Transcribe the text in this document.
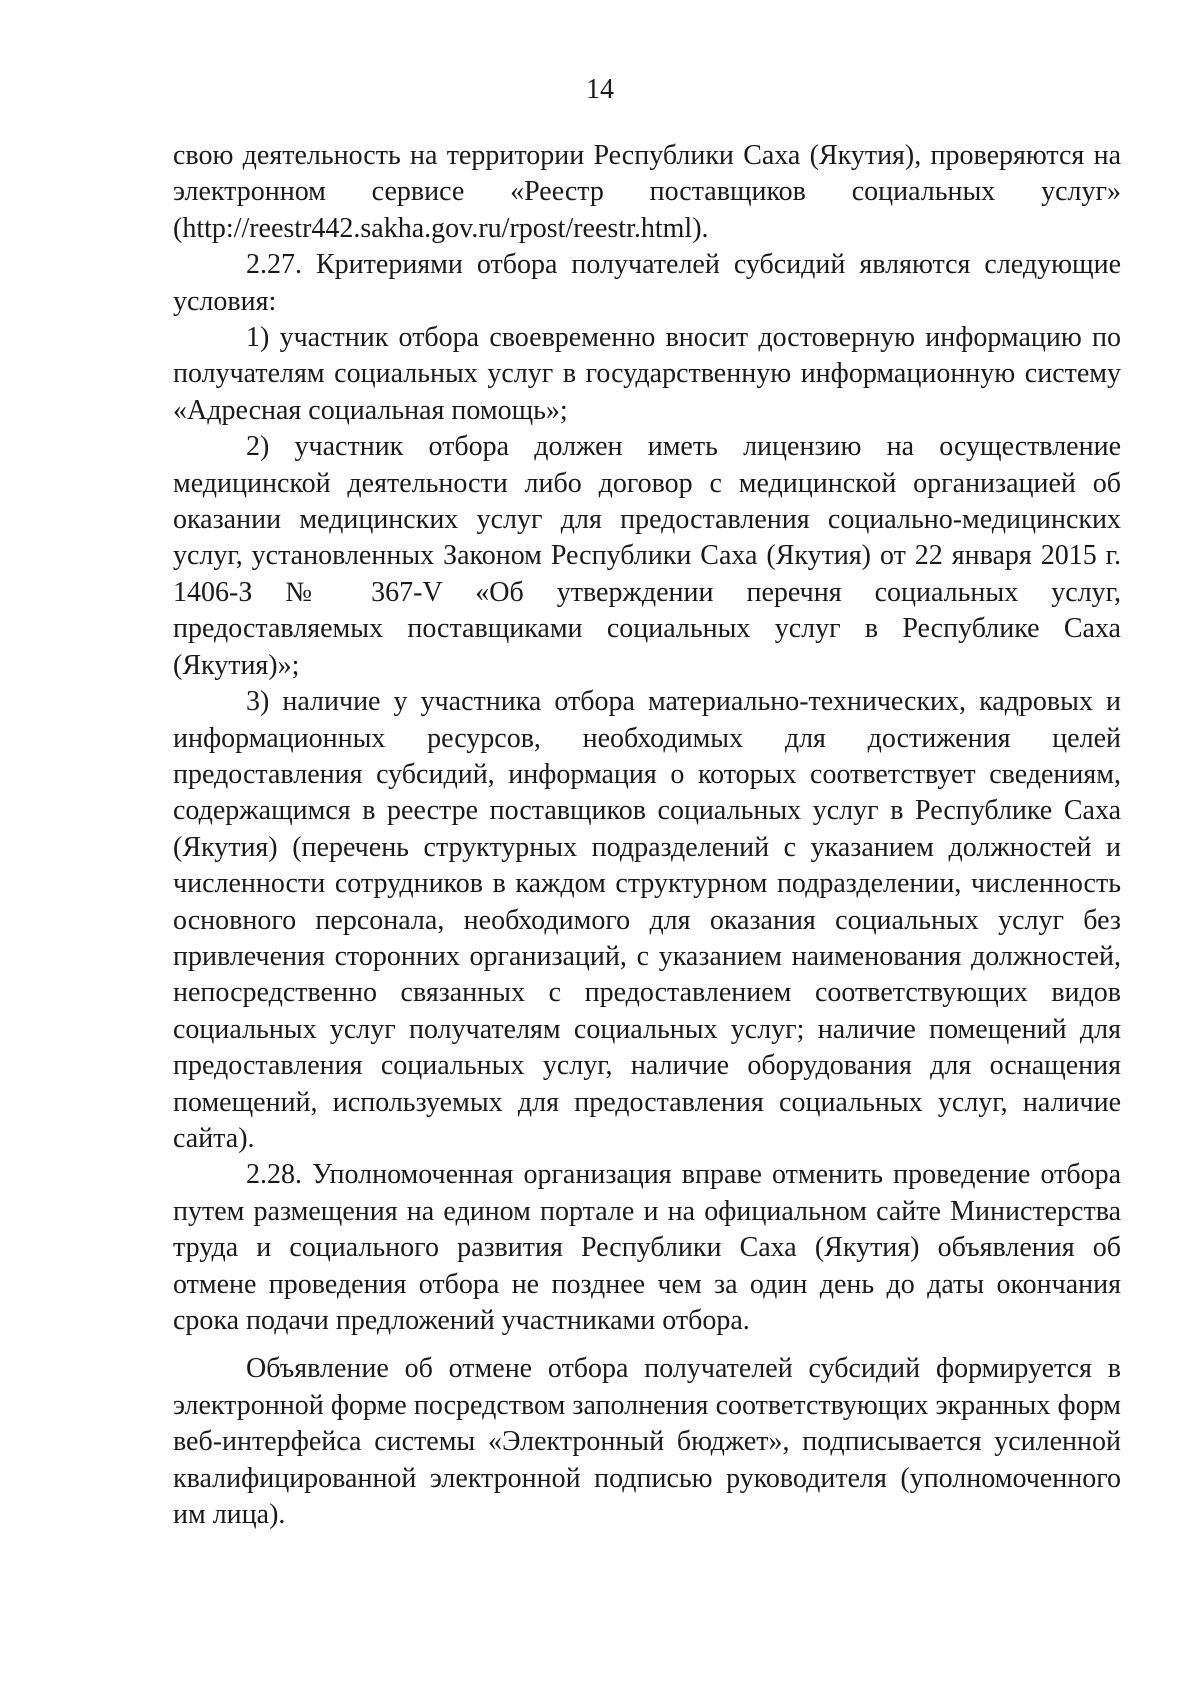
14

свою деятельность на территории Республики Саха (Якутия), проверяются на электронном сервисе «Реестр поставщиков социальных услуг» (http://reestr442.sakha.gov.ru/rpost/reestr.html).

2.27. Критериями отбора получателей субсидий являются следующие условия:

1) участник отбора своевременно вносит достоверную информацию по получателям социальных услуг в государственную информационную систему «Адресная социальная помощь»;

2) участник отбора должен иметь лицензию на осуществление медицинской деятельности либо договор с медицинской организацией об оказании медицинских услуг для предоставления социально-медицинских услуг, установленных Законом Республики Саха (Якутия) от 22 января 2015 г. 1406-З № 367-V «Об утверждении перечня социальных услуг, предоставляемых поставщиками социальных услуг в Республике Саха (Якутия)»;

3) наличие у участника отбора материально-технических, кадровых и информационных ресурсов, необходимых для достижения целей предоставления субсидий, информация о которых соответствует сведениям, содержащимся в реестре поставщиков социальных услуг в Республике Саха (Якутия) (перечень структурных подразделений с указанием должностей и численности сотрудников в каждом структурном подразделении, численность основного персонала, необходимого для оказания социальных услуг без привлечения сторонних организаций, с указанием наименования должностей, непосредственно связанных с предоставлением соответствующих видов социальных услуг получателям социальных услуг; наличие помещений для предоставления социальных услуг, наличие оборудования для оснащения помещений, используемых для предоставления социальных услуг, наличие сайта).

2.28. Уполномоченная организация вправе отменить проведение отбора путем размещения на едином портале и на официальном сайте Министерства труда и социального развития Республики Саха (Якутия) объявления об отмене проведения отбора не позднее чем за один день до даты окончания срока подачи предложений участниками отбора.

Объявление об отмене отбора получателей субсидий формируется в электронной форме посредством заполнения соответствующих экранных форм веб-интерфейса системы «Электронный бюджет», подписывается усиленной квалифицированной электронной подписью руководителя (уполномоченного им лица).
